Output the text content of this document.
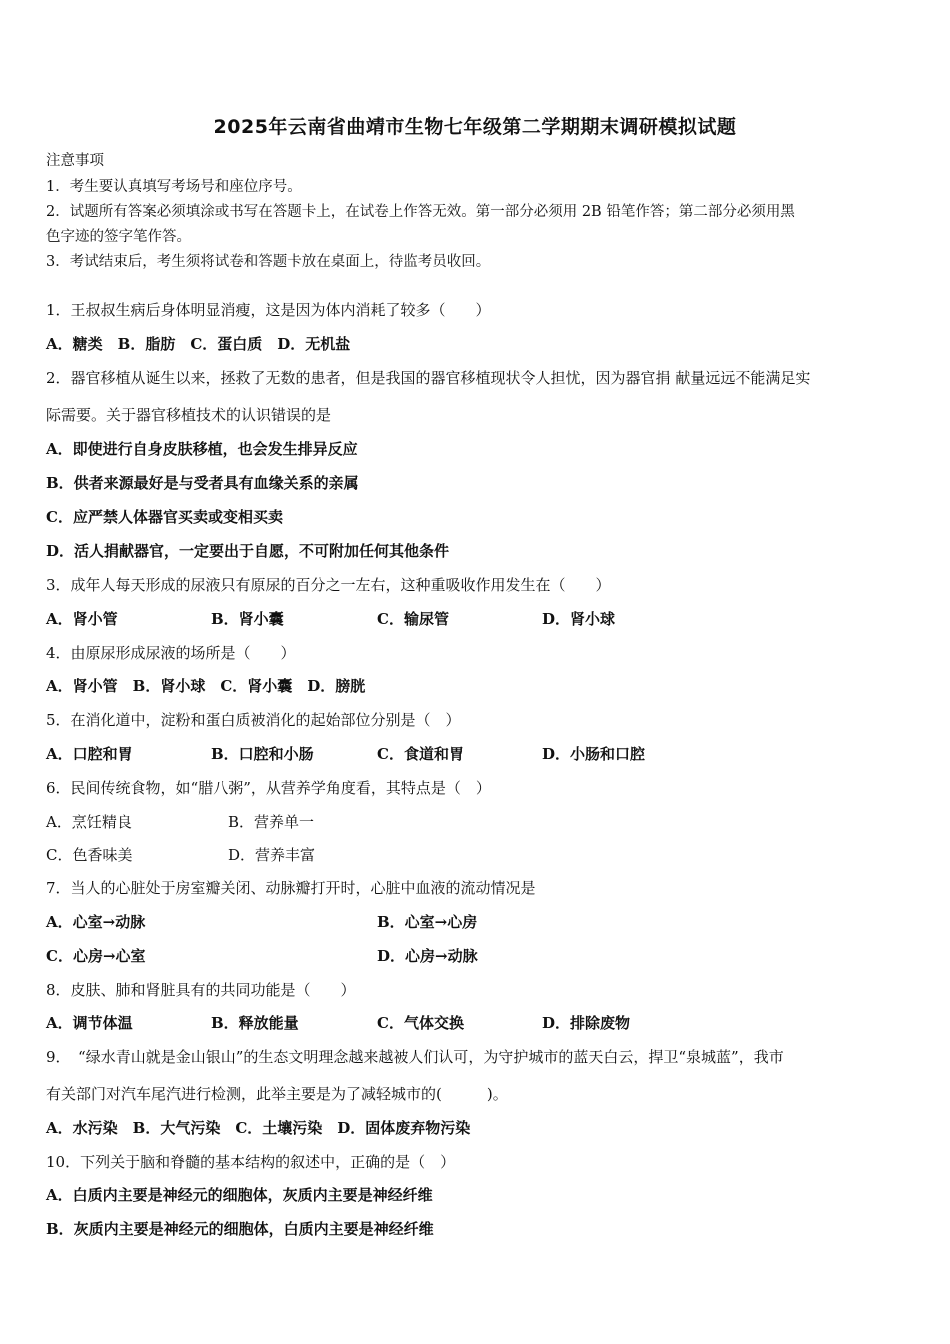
2025年云南省曲靖市生物七年级第二学期期末调研模拟试题
注意事项
1．考生要认真填写考场号和座位序号。
2．试题所有答案必须填涂或书写在答题卡上，在试卷上作答无效。第一部分必须用 2B 铅笔作答；第二部分必须用黑
色字迹的签字笔作答。
3．考试结束后，考生须将试卷和答题卡放在桌面上，待监考员收回。
1．王叔叔生病后身体明显消瘦，这是因为体内消耗了较多（　　）
A．糖类　B．脂肪　C．蛋白质　D．无机盐
2．器官移植从诞生以来，拯救了无数的患者，但是我国的器官移植现状令人担忧，因为器官捐 献量远远不能满足实
际需要。关于器官移植技术的认识错误的是
A．即使进行自身皮肤移植，也会发生排异反应
B．供者来源最好是与受者具有血缘关系的亲属
C．应严禁人体器官买卖或变相买卖
D．活人捐献器官，一定要出于自愿，不可附加任何其他条件
3．成年人每天形成的尿液只有原尿的百分之一左右，这种重吸收作用发生在（　　）
A．肾小管	B．肾小囊	C．输尿管	D．肾小球
4．由原尿形成尿液的场所是（　　）
A．肾小管　B．肾小球　C．肾小囊　D．膀胱
5．在消化道中，淀粉和蛋白质被消化的起始部位分别是（　）
A．口腔和胃	B．口腔和小肠	C．食道和胃	D．小肠和口腔
6．民间传统食物，如“腊八粥”，从营养学角度看，其特点是（　）
A．烹饪精良	B．营养单一
C．色香味美	D．营养丰富
7．当人的心脏处于房室瓣关闭、动脉瓣打开时，心脏中血液的流动情况是
A．心室→动脉	B．心室→心房
C．心房→心室	D．心房→动脉
8．皮肤、肺和肾脏具有的共同功能是（　　）
A．调节体温	B．释放能量	C．气体交换	D．排除废物
9．　“绿水青山就是金山银山”的生态文明理念越来越被人们认可，为守护城市的蓝天白云，捍卫“泉城蓝”，我市
有关部门对汽车尾汽进行检测，此举主要是为了减轻城市的(　　　)。
A．水污染　B．大气污染　C．土壤污染　D．固体废弃物污染
10．下列关于脑和脊髓的基本结构的叙述中，正确的是（　）
A．白质内主要是神经元的细胞体，灰质内主要是神经纤维
B．灰质内主要是神经元的细胞体，白质内主要是神经纤维
